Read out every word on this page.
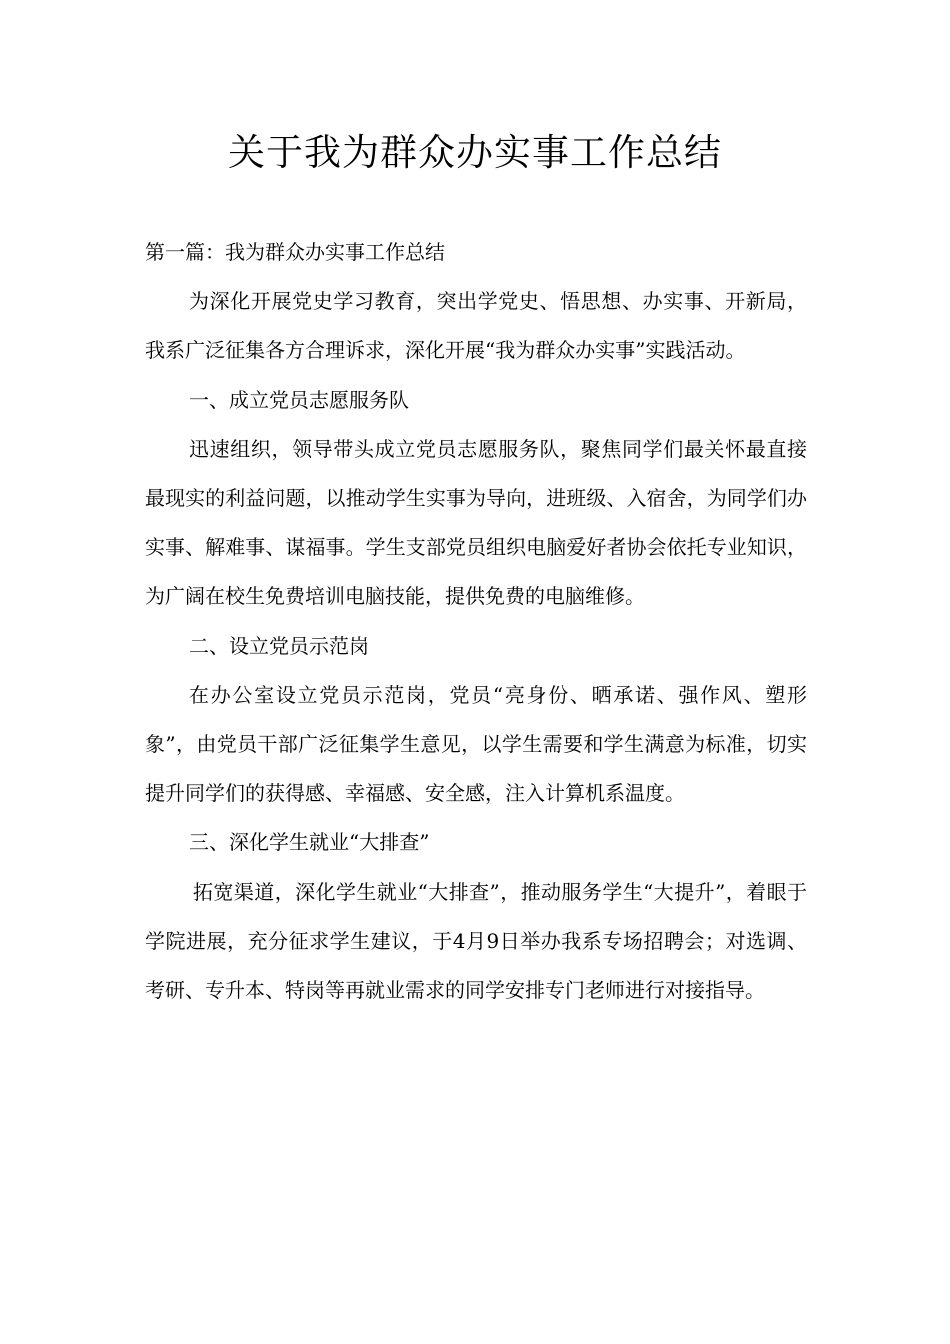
关于我为群众办实事工作总结

第一篇：我为群众办实事工作总结

为深化开展党史学习教育，突出学党史、悟思想、办实事、开新局，我系广泛征集各方合理诉求，深化开展“我为群众办实事”实践活动。

一、成立党员志愿服务队

迅速组织，领导带头成立党员志愿服务队，聚焦同学们最关怀最直接最现实的利益问题，以推动学生实事为导向，进班级、入宿舍，为同学们办实事、解难事、谋福事。学生支部党员组织电脑爱好者协会依托专业知识，为广阔在校生免费培训电脑技能，提供免费的电脑维修。

二、设立党员示范岗

在办公室设立党员示范岗，党员“亮身份、晒承诺、强作风、塑形象”，由党员干部广泛征集学生意见，以学生需要和学生满意为标准，切实提升同学们的获得感、幸福感、安全感，注入计算机系温度。

三、深化学生就业“大排查”

拓宽渠道，深化学生就业“大排查”，推动服务学生“大提升”，着眼于学院进展，充分征求学生建议，于4月9日举办我系专场招聘会；对选调、考研、专升本、特岗等再就业需求的同学安排专门老师进行对接指导。
